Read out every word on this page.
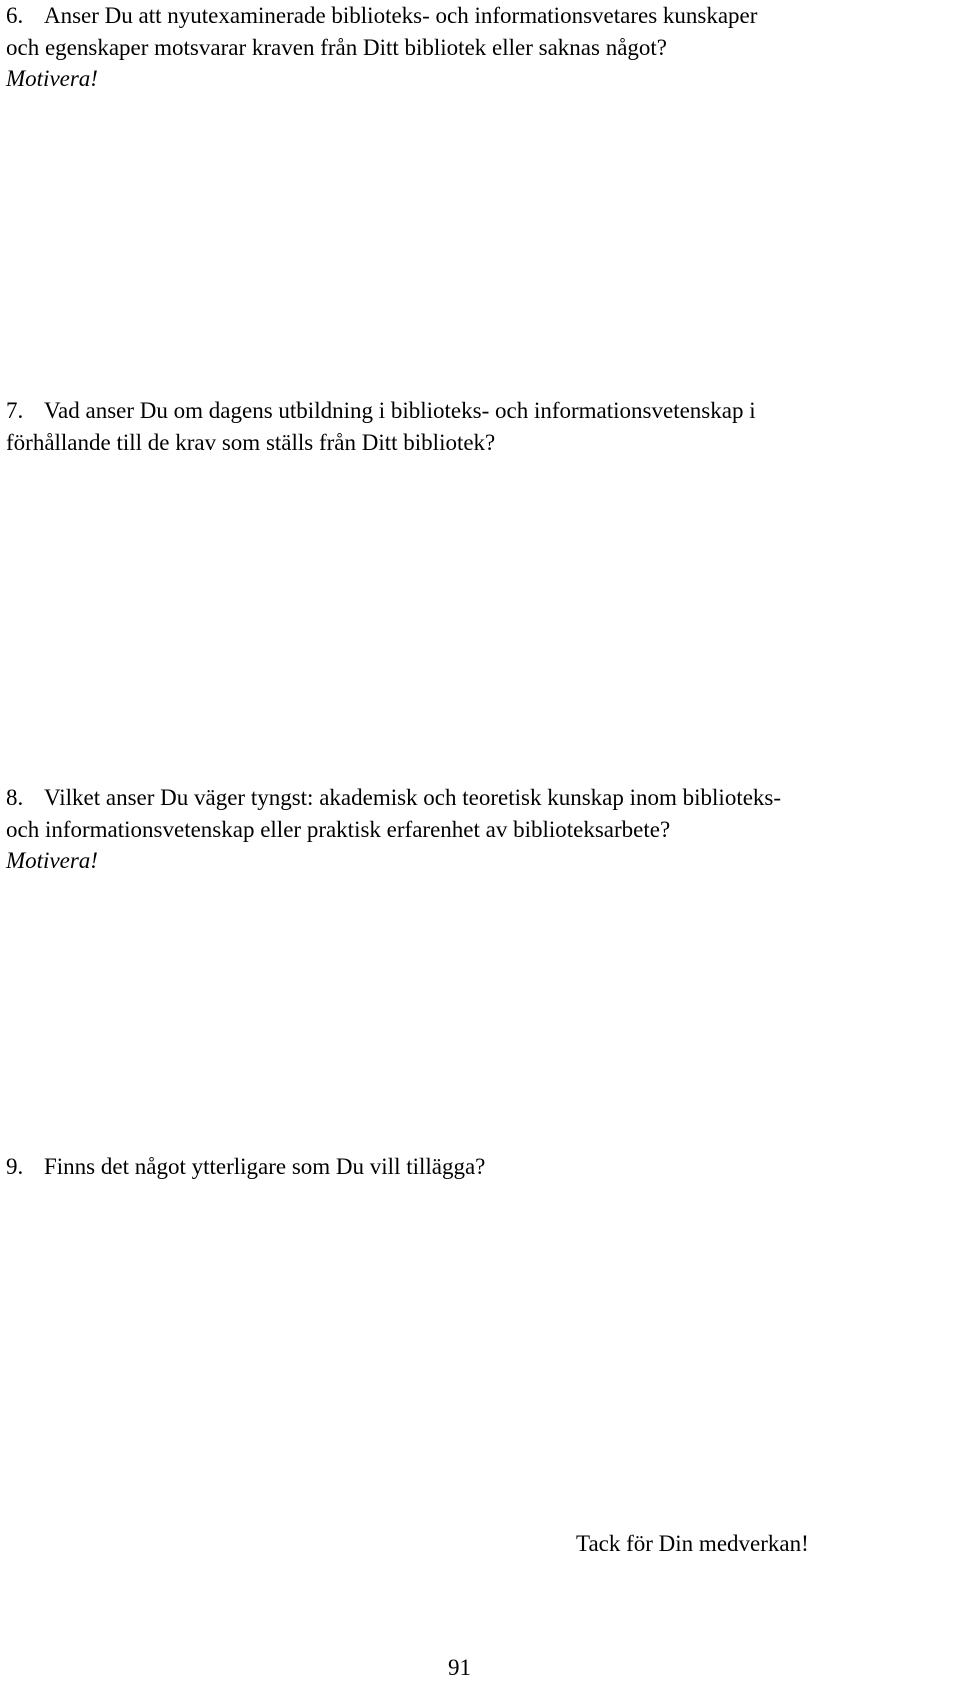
6. Anser Du att nyutexaminerade biblioteks- och informationsvetares kunskaper
och egenskaper motsvarar kraven från Ditt bibliotek eller saknas något?
Motivera!
7. Vad anser Du om dagens utbildning i biblioteks- och informationsvetenskap i
förhållande till de krav som ställs från Ditt bibliotek?
8. Vilket anser Du väger tyngst: akademisk och teoretisk kunskap inom biblioteks-
och informationsvetenskap eller praktisk erfarenhet av biblioteksarbete?
Motivera!
9. Finns det något ytterligare som Du vill tillägga?
Tack för Din medverkan!
91
